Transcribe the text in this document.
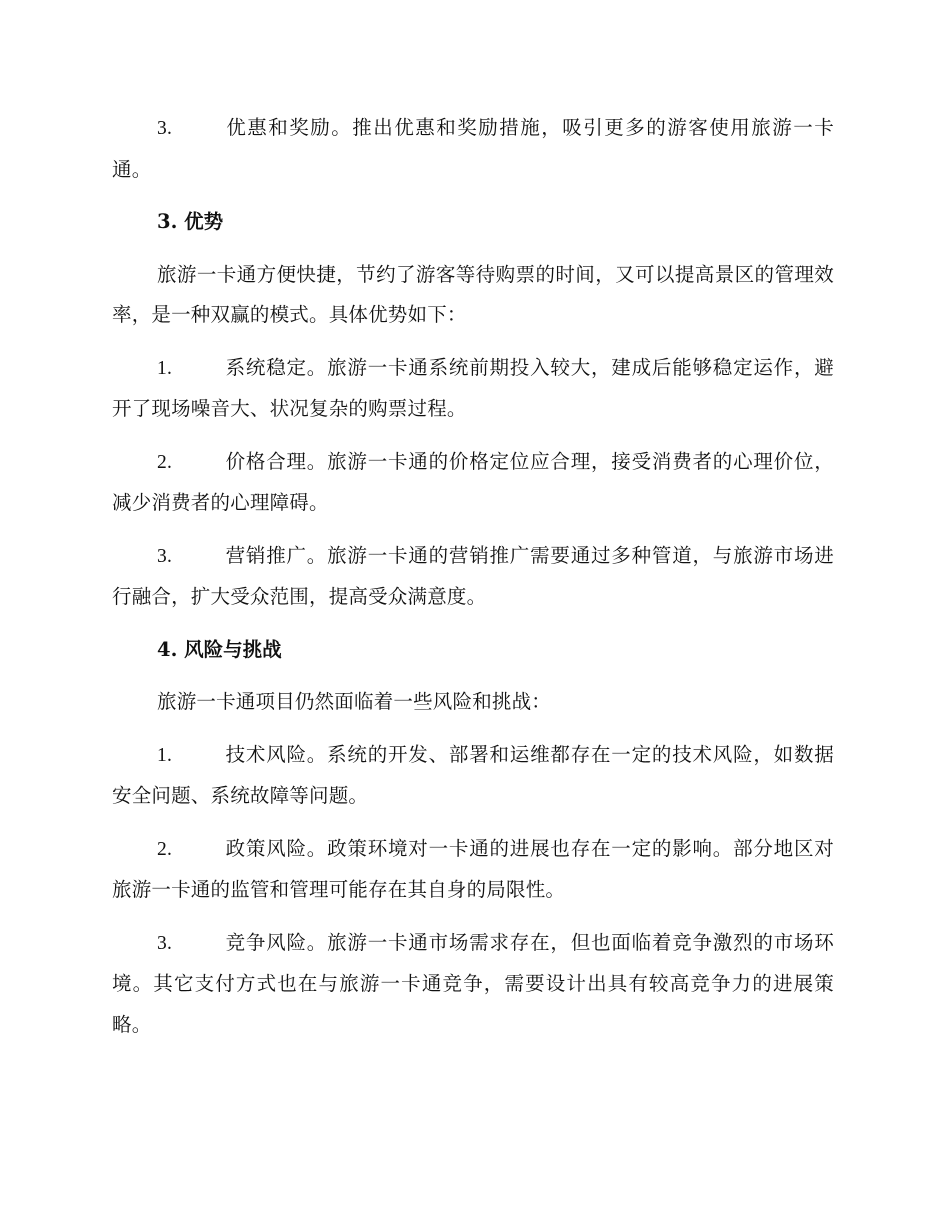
3.	优惠和奖励。推出优惠和奖励措施，吸引更多的游客使用旅游一卡通。

3. 优势

旅游一卡通方便快捷，节约了游客等待购票的时间，又可以提高景区的管理效率，是一种双赢的模式。具体优势如下：

1.	系统稳定。旅游一卡通系统前期投入较大，建成后能够稳定运作，避开了现场噪音大、状况复杂的购票过程。

2.	价格合理。旅游一卡通的价格定位应合理，接受消费者的心理价位，减少消费者的心理障碍。

3.	营销推广。旅游一卡通的营销推广需要通过多种管道，与旅游市场进行融合，扩大受众范围，提高受众满意度。

4. 风险与挑战

旅游一卡通项目仍然面临着一些风险和挑战：

1.	技术风险。系统的开发、部署和运维都存在一定的技术风险，如数据安全问题、系统故障等问题。

2.	政策风险。政策环境对一卡通的进展也存在一定的影响。部分地区对旅游一卡通的监管和管理可能存在其自身的局限性。

3.	竞争风险。旅游一卡通市场需求存在，但也面临着竞争激烈的市场环境。其它支付方式也在与旅游一卡通竞争，需要设计出具有较高竞争力的进展策略。
